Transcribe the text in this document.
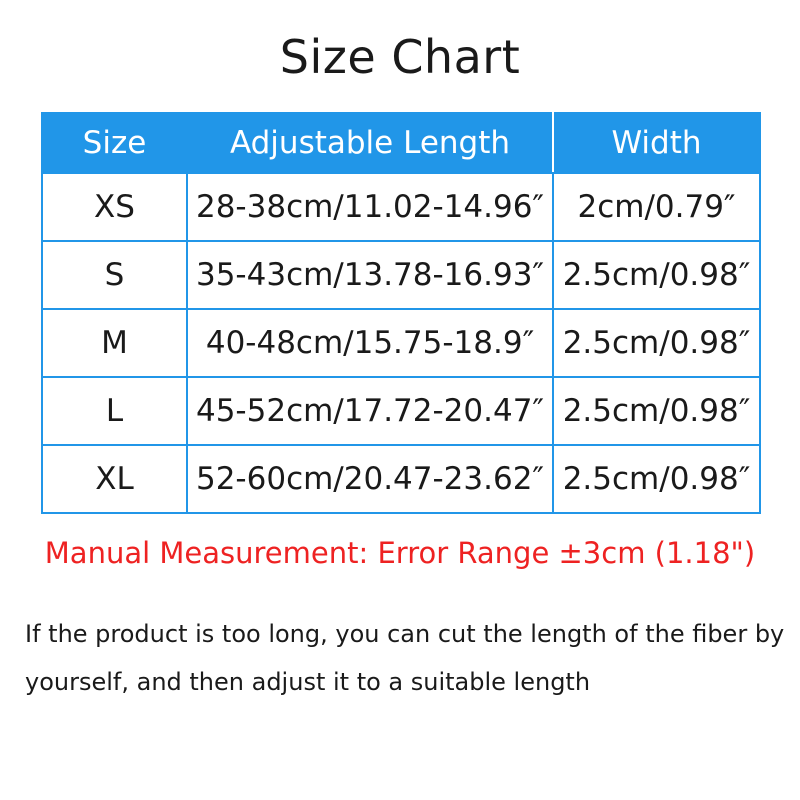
Size Chart
Size	Adjustable Length	Width
XS	28-38cm/11.02-14.96″	2cm/0.79″
S	35-43cm/13.78-16.93″	2.5cm/0.98″
M	40-48cm/15.75-18.9″	2.5cm/0.98″
L	45-52cm/17.72-20.47″	2.5cm/0.98″
XL	52-60cm/20.47-23.62″	2.5cm/0.98″
Manual Measurement: Error Range ±3cm (1.18")
If the product is too long, you can cut the length of the fiber by
yourself, and then adjust it to a suitable length
